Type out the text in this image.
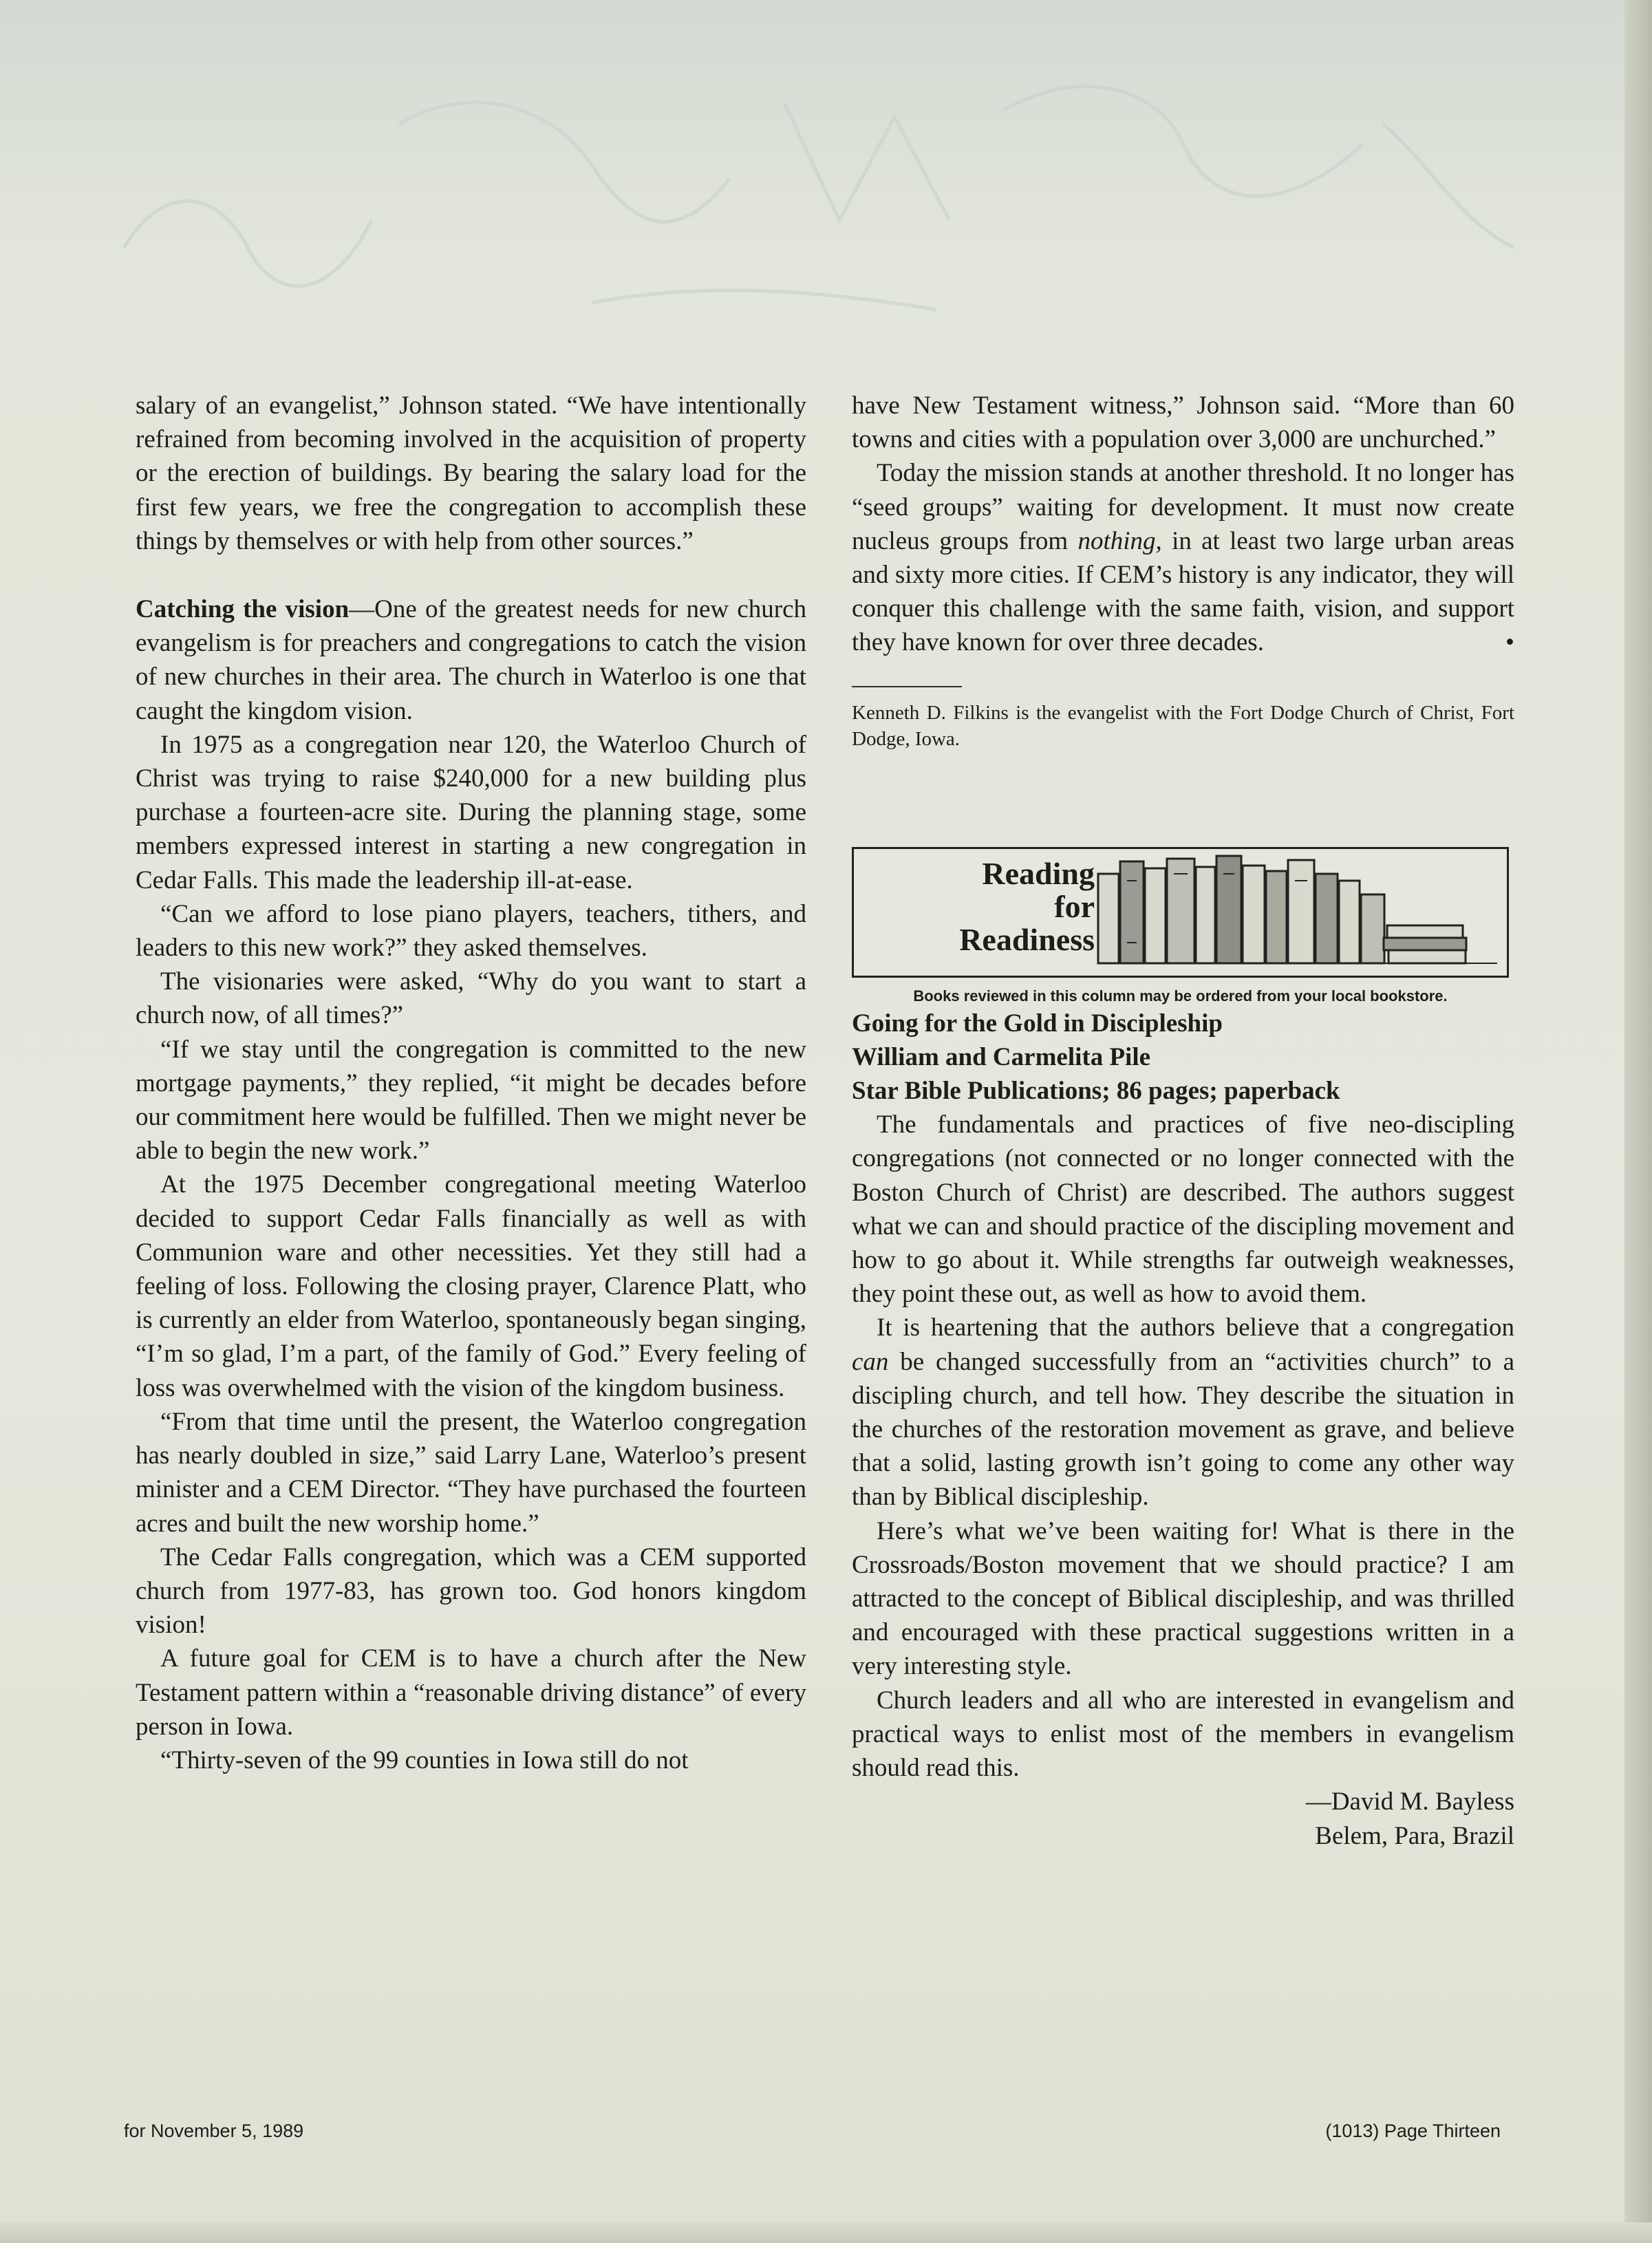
salary of an evangelist,” Johnson stated. “We have intentionally refrained from becoming involved in the acquisition of property or the erection of buildings. By bearing the salary load for the first few years, we free the congregation to accomplish these things by themselves or with help from other sources.”

Catching the vision—One of the greatest needs for new church evangelism is for preachers and congregations to catch the vision of new churches in their area. The church in Waterloo is one that caught the kingdom vision.

In 1975 as a congregation near 120, the Waterloo Church of Christ was trying to raise $240,000 for a new building plus purchase a fourteen-acre site. During the planning stage, some members expressed interest in starting a new congregation in Cedar Falls. This made the leadership ill-at-ease.

“Can we afford to lose piano players, teachers, tithers, and leaders to this new work?” they asked themselves.

The visionaries were asked, “Why do you want to start a church now, of all times?”

“If we stay until the congregation is committed to the new mortgage payments,” they replied, “it might be decades before our commitment here would be fulfilled. Then we might never be able to begin the new work.”

At the 1975 December congregational meeting Waterloo decided to support Cedar Falls financially as well as with Communion ware and other necessities. Yet they still had a feeling of loss. Following the closing prayer, Clarence Platt, who is currently an elder from Waterloo, spontaneously began singing, “I’m so glad, I’m a part, of the family of God.” Every feeling of loss was overwhelmed with the vision of the kingdom business.

“From that time until the present, the Waterloo congregation has nearly doubled in size,” said Larry Lane, Waterloo’s present minister and a CEM Director. “They have purchased the fourteen acres and built the new worship home.”

The Cedar Falls congregation, which was a CEM supported church from 1977-83, has grown too. God honors kingdom vision!

A future goal for CEM is to have a church after the New Testament pattern within a “reasonable driving distance” of every person in Iowa.

“Thirty-seven of the 99 counties in Iowa still do not

have New Testament witness,” Johnson said. “More than 60 towns and cities with a population over 3,000 are unchurched.”

Today the mission stands at another threshold. It no longer has “seed groups” waiting for development. It must now create nucleus groups from nothing, in at least two large urban areas and sixty more cities. If CEM’s history is any indicator, they will conquer this challenge with the same faith, vision, and support they have known for over three decades.	•

Kenneth D. Filkins is the evangelist with the Fort Dodge Church of Christ, Fort Dodge, Iowa.

Reading
for
Readiness
Books reviewed in this column may be ordered from your local bookstore.

Going for the Gold in Discipleship

William and Carmelita Pile

Star Bible Publications; 86 pages; paperback

The fundamentals and practices of five neo-discipling congregations (not connected or no longer connected with the Boston Church of Christ) are described. The authors suggest what we can and should practice of the discipling movement and how to go about it. While strengths far outweigh weaknesses, they point these out, as well as how to avoid them.

It is heartening that the authors believe that a congregation can be changed successfully from an “activities church” to a discipling church, and tell how. They describe the situation in the churches of the restoration movement as grave, and believe that a solid, lasting growth isn’t going to come any other way than by Biblical discipleship.

Here’s what we’ve been waiting for! What is there in the Crossroads/Boston movement that we should practice? I am attracted to the concept of Biblical discipleship, and was thrilled and encouraged with these practical suggestions written in a very interesting style.

Church leaders and all who are interested in evangelism and practical ways to enlist most of the members in evangelism should read this.

—David M. Bayless

Belem, Para, Brazil

for November 5, 1989	(1013) Page Thirteen
